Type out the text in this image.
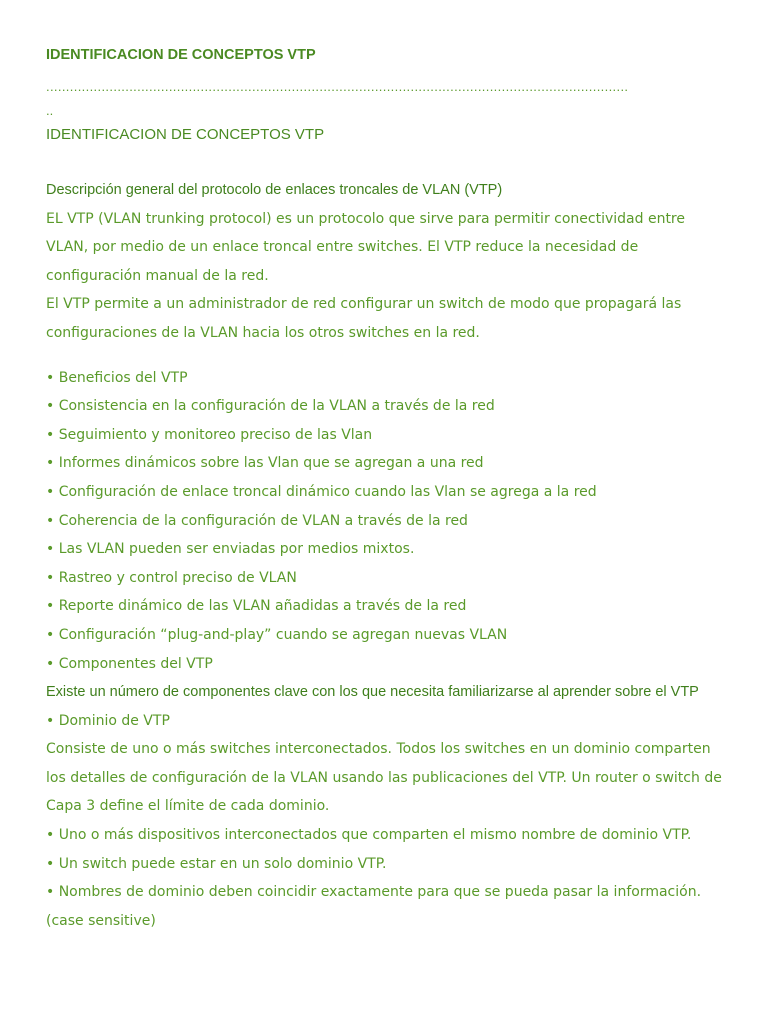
IDENTIFICACION DE CONCEPTOS VTP
...................................................................................................................................................
..
IDENTIFICACION DE CONCEPTOS VTP

Descripción general del protocolo de enlaces troncales de VLAN (VTP)

EL VTP (VLAN trunking protocol) es un protocolo que sirve para permitir conectividad entre VLAN, por medio de un enlace troncal entre switches. El VTP reduce la necesidad de configuración manual de la red.

El VTP permite a un administrador de red configurar un switch de modo que propagará las configuraciones de la VLAN hacia los otros switches en la red.

• Beneficios del VTP

• Consistencia en la configuración de la VLAN a través de la red

• Seguimiento y monitoreo preciso de las Vlan

• Informes dinámicos sobre las Vlan que se agregan a una red

• Configuración de enlace troncal dinámico cuando las Vlan se agrega a la red

• Coherencia de la configuración de VLAN a través de la red

• Las VLAN pueden ser enviadas por medios mixtos.

• Rastreo y control preciso de VLAN

• Reporte dinámico de las VLAN añadidas a través de la red

• Configuración “plug-and-play” cuando se agregan nuevas VLAN

• Componentes del VTP

Existe un número de componentes clave con los que necesita familiarizarse al aprender sobre el VTP

• Dominio de VTP

Consiste de uno o más switches interconectados. Todos los switches en un dominio comparten los detalles de configuración de la VLAN usando las publicaciones del VTP. Un router o switch de Capa 3 define el límite de cada dominio.

• Uno o más dispositivos interconectados que comparten el mismo nombre de dominio VTP.

• Un switch puede estar en un solo dominio VTP.

• Nombres de dominio deben coincidir exactamente para que se pueda pasar la información. (case sensitive)
